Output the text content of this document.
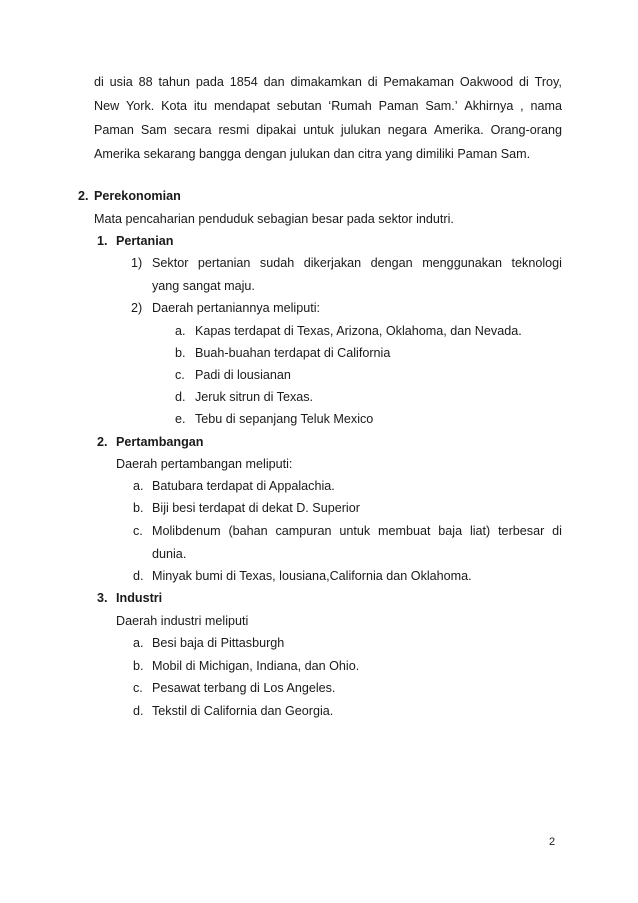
di usia 88 tahun pada 1854 dan dimakamkan di Pemakaman Oakwood di Troy,
New York. Kota itu mendapat sebutan ‘Rumah Paman Sam.’ Akhirnya , nama
Paman Sam secara resmi dipakai untuk julukan negara Amerika. Orang-orang
Amerika sekarang bangga dengan julukan dan citra yang dimiliki Paman Sam.
2. Perekonomian
Mata pencaharian penduduk sebagian besar pada sektor indutri.
1. Pertanian
1) Sektor pertanian sudah dikerjakan dengan menggunakan teknologi
yang sangat maju.
2) Daerah pertaniannya meliputi:
a. Kapas terdapat di Texas, Arizona, Oklahoma, dan Nevada.
b. Buah-buahan terdapat di California
c. Padi di lousianan
d. Jeruk sitrun di Texas.
e. Tebu di sepanjang Teluk Mexico
2. Pertambangan
Daerah pertambangan meliputi:
a. Batubara terdapat di Appalachia.
b. Biji besi terdapat di dekat D. Superior
c. Molibdenum (bahan campuran untuk membuat baja liat) terbesar di
dunia.
d. Minyak bumi di Texas, lousiana,California dan Oklahoma.
3. Industri
Daerah industri meliputi
a. Besi baja di Pittasburgh
b. Mobil di Michigan, Indiana, dan Ohio.
c. Pesawat terbang di Los Angeles.
d. Tekstil di California dan Georgia.
2
